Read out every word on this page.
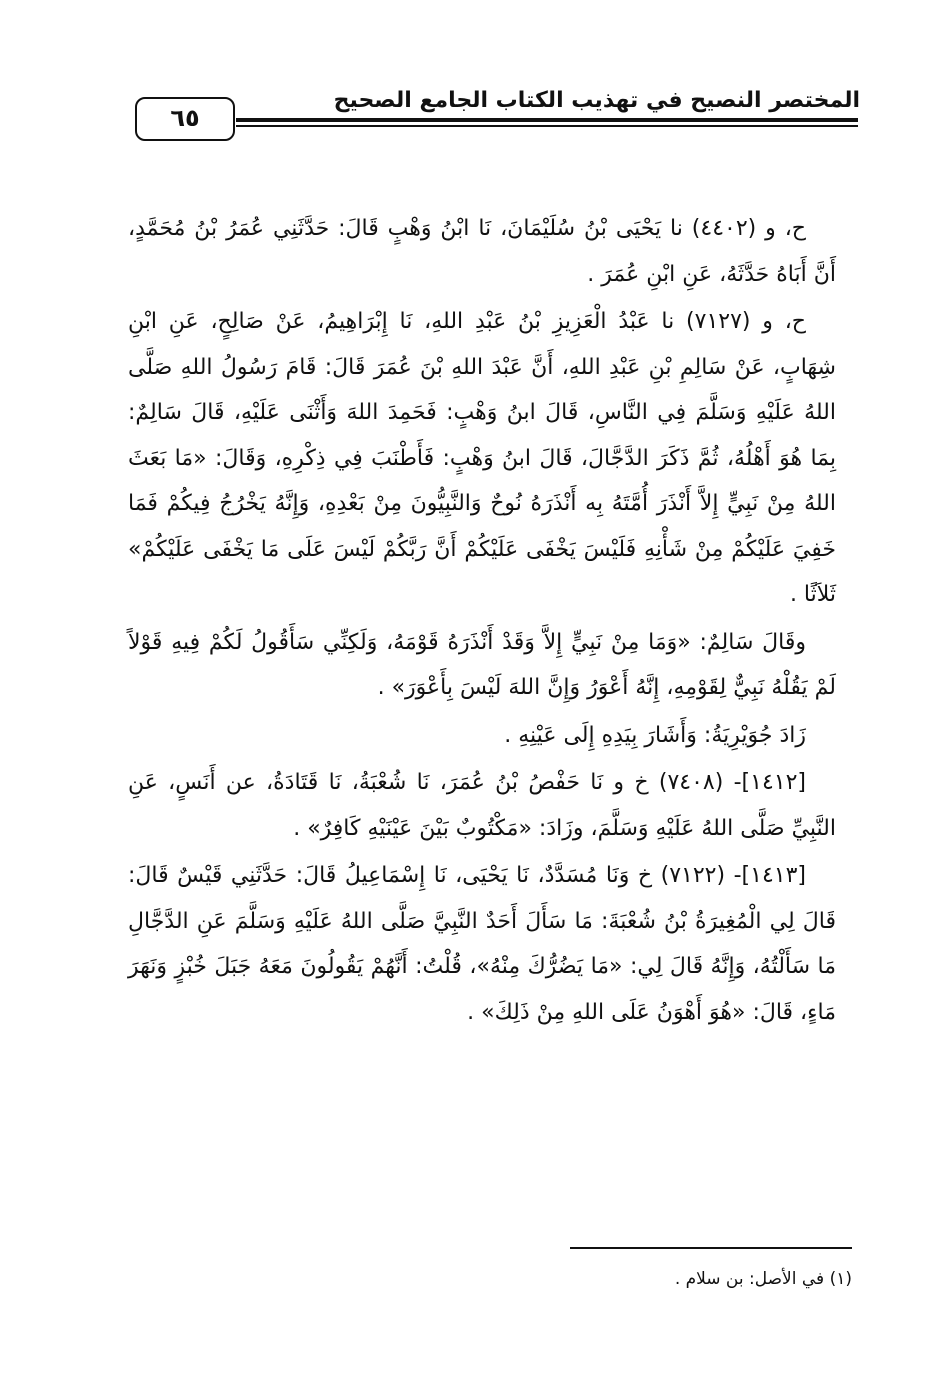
المختصر النصيح في تهذيب الكتاب الجامع الصحيح
٦٥

ح، و (٤٤٠٢) نا يَحْيَى بْنُ سُلَيْمَانَ، نَا ابْنُ وَهْبٍ قَالَ: حَدَّثَنِي عُمَرُ بْنُ مُحَمَّدٍ، أَنَّ أَبَاهُ حَدَّثَهُ، عَنِ ابْنِ عُمَرَ .

ح، و (٧١٢٧) نا عَبْدُ الْعَزِيزِ بْنُ عَبْدِ اللهِ، نَا إِبْرَاهِيمُ، عَنْ صَالِحٍ، عَنِ ابْنِ شِهَابٍ، عَنْ سَالِمِ بْنِ عَبْدِ اللهِ، أَنَّ عَبْدَ اللهِ بْنَ عُمَرَ قَالَ: قَامَ رَسُولُ اللهِ صَلَّى اللهُ عَلَيْهِ وَسَلَّمَ فِي النَّاسِ، قَالَ ابنُ وَهْبٍ: فَحَمِدَ اللهَ وَأَثْنَى عَلَيْهِ، قَالَ سَالِمٌ: بِمَا هُوَ أَهْلُهُ، ثُمَّ ذَكَرَ الدَّجَّالَ، قَالَ ابنُ وَهْبٍ: فَأَطْنَبَ فِي ذِكْرِهِ، وَقَالَ: «مَا بَعَثَ اللهُ مِنْ نَبِيٍّ إِلاَّ أَنْذَرَ أُمَّتَهُ بِه أَنْذَرَهُ نُوحٌ وَالنَّبِيُّونَ مِنْ بَعْدِهِ، وَإِنَّهُ يَخْرُجُ فِيكُمْ فَمَا خَفِيَ عَلَيْكُمْ مِنْ شَأْنِهِ فَلَيْسَ يَخْفَى عَلَيْكُمْ أَنَّ رَبَّكُمْ لَيْسَ عَلَى مَا يَخْفَى عَلَيْكُمْ» ثَلاَثًا .

وقَالَ سَالِمٌ: «وَمَا مِنْ نَبِيٍّ إِلاَّ وَقَدْ أَنْذَرَهُ قَوْمَهُ، وَلَكِنِّي سَأَقُولُ لَكُمْ فِيهِ قَوْلاً لَمْ يَقُلْهُ نَبِيٌّ لِقَوْمِهِ، إِنَّهُ أَعْوَرُ وَإِنَّ اللهَ لَيْسَ بِأَعْوَرَ» .

زَادَ جُوَيْرِيَةُ: وَأَشَارَ بِيَدِهِ إِلَى عَيْنِهِ .

[١٤١٢]- (٧٤٠٨) خ و نَا حَفْصُ بْنُ عُمَرَ، نَا شُعْبَةُ، نَا قَتَادَةُ، عن أَنَسٍ، عَنِ النَّبِيِّ صَلَّى اللهُ عَلَيْهِ وَسَلَّمَ، وزَادَ: «مَكْتُوبٌ بَيْنَ عَيْنَيْهِ كَافِرٌ» .

[١٤١٣]- (٧١٢٢) خ وَنَا مُسَدَّدٌ، نَا يَحْيَى، نَا إِسْمَاعِيلُ قَالَ: حَدَّثَنِي قَيْسٌ قَالَ: قَالَ لِي الْمُغِيرَةُ بْنُ شُعْبَةَ: مَا سَأَلَ أَحَدٌ النَّبِيَّ صَلَّى اللهُ عَلَيْهِ وَسَلَّمَ عَنِ الدَّجَّالِ مَا سَأَلْتُهُ، وَإِنَّهُ قَالَ لِي: «مَا يَضُرُّكَ مِنْهُ»، قُلْتُ: أَنَّهُمْ يَقُولُونَ مَعَهُ جَبَلَ خُبْزٍ وَنَهَرَ مَاءٍ، قَالَ: «هُوَ أَهْوَنُ عَلَى اللهِ مِنْ ذَلِكَ» .

(١) في الأصل: بن سلام .
